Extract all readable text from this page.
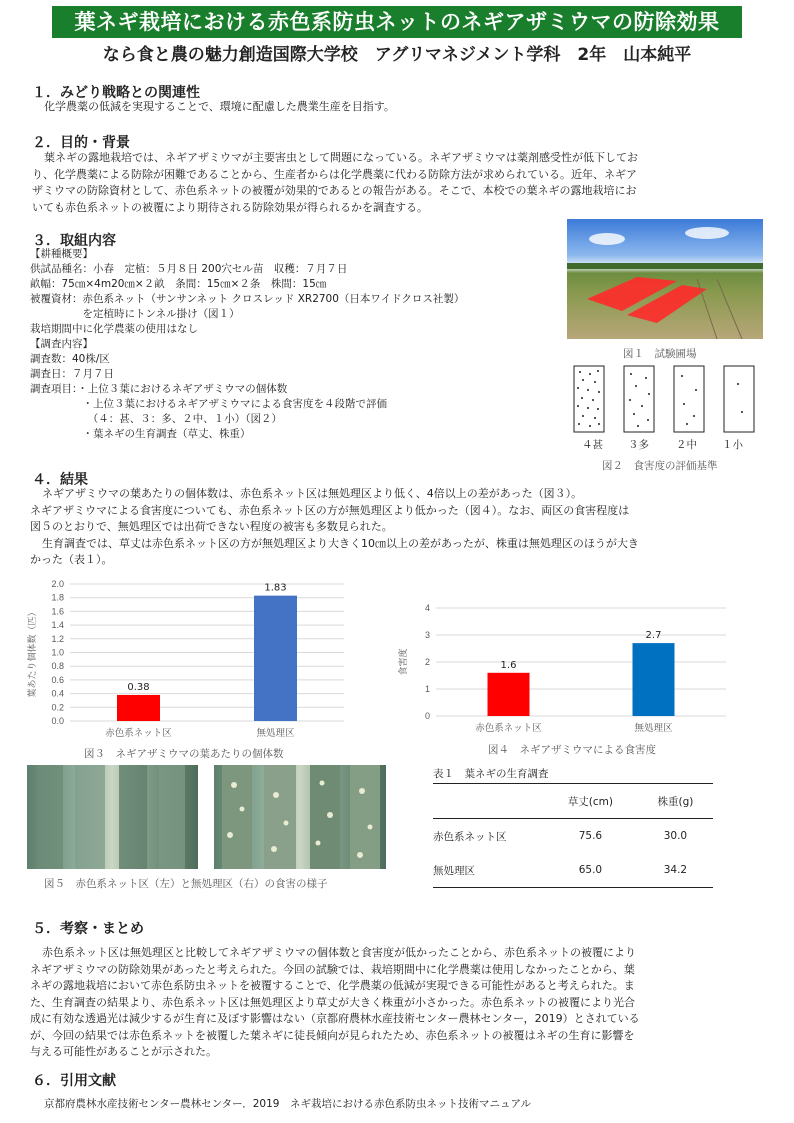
葉ネギ栽培における赤色系防虫ネットのネギアザミウマの防除効果
なら食と農の魅力創造国際大学校　アグリマネジメント学科　2年　山本純平
１．みどり戦略との関連性
化学農薬の低減を実現することで、環境に配慮した農業生産を目指す。
２．目的・背景
葉ネギの露地栽培では、ネギアザミウマが主要害虫として問題になっている。ネギアザミウマは薬剤感受性が低下してお
り、化学農薬による防除が困難であることから、生産者からは化学農薬に代わる防除方法が求められている。近年、ネギア
ザミウマの防除資材として、赤色系ネットの被覆が効果的であるとの報告がある。そこで、本校での葉ネギの露地栽培にお
いても赤色系ネットの被覆により期待される防除効果が得られるかを調査する。
３．取組内容
【耕種概要】
供試品種名：小春　定植：５月８日 200穴セル苗　収穫：７月７日
畝幅：75㎝×4m20㎝×２畝　条間：15㎝×２条　株間：15㎝
被覆資材：赤色系ネット（サンサンネット クロスレッド XR2700（日本ワイドクロス社製）
　　　　　を定植時にトンネル掛け（図１）
栽培期間中に化学農薬の使用はなし
【調査内容】
調査数：40株/区
調査日：７月７日
調査項目：・上位３葉におけるネギアザミウマの個体数
　　　　　・上位３葉におけるネギアザミウマによる食害度を４段階で評価
　　　　　　（４：甚、３：多、２中、１小）（図２）
　　　　　・葉ネギの生育調査（草丈、株重）
図１　試験圃場
４甚 ３多	２中 １小
図２　食害度の評価基準
４．結果
ネギアザミウマの葉あたりの個体数は、赤色系ネット区は無処理区より低く、4倍以上の差があった（図３）。
ネギアザミウマによる食害度についても、赤色系ネット区の方が無処理区より低かった（図４）。なお、両区の食害程度は
図５のとおりで、無処理区では出荷できない程度の被害も多数見られた。
生育調査では、草丈は赤色系ネット区の方が無処理区より大きく10㎝以上の差があったが、株重は無処理区のほうが大き
かった（表１）。
0.0
0.2
0.4
0.6
0.8
1.0
1.2
1.4
1.6
1.8
2.0
葉あたり個体数（匹）	0.38
赤色系ネット区
1.83
無処理区
図３　ネギアザミウマの葉あたりの個体数
0
1
2
3
4
食害度	1.6
赤色系ネット区
2.7
無処理区
図４　ネギアザミウマによる食害度
図５　赤色系ネット区（左）と無処理区（右）の食害の様子
表１　葉ネギの生育調査
	草丈(cm)	株重(g)
赤色系ネット区	75.6	30.0
無処理区	65.0	34.2
５．考察・まとめ
赤色系ネット区は無処理区と比較してネギアザミウマの個体数と食害度が低かったことから、赤色系ネットの被覆により
ネギアザミウマの防除効果があったと考えられた。今回の試験では、栽培期間中に化学農薬は使用しなかったことから、葉
ネギの露地栽培において赤色系防虫ネットを被覆することで、化学農薬の低減が実現できる可能性があると考えられた。ま
た、生育調査の結果より、赤色系ネット区は無処理区より草丈が大きく株重が小さかった。赤色系ネットの被覆により光合
成に有効な透過光は減少するが生育に及ぼす影響はない（京都府農林水産技術センター農林センター，2019）とされている
が、今回の結果では赤色系ネットを被覆した葉ネギに徒長傾向が見られたため、赤色系ネットの被覆はネギの生育に影響を
与える可能性があることが示された。
６．引用文献
京都府農林水産技術センター農林センター．2019　ネギ栽培における赤色系防虫ネット技術マニュアル
